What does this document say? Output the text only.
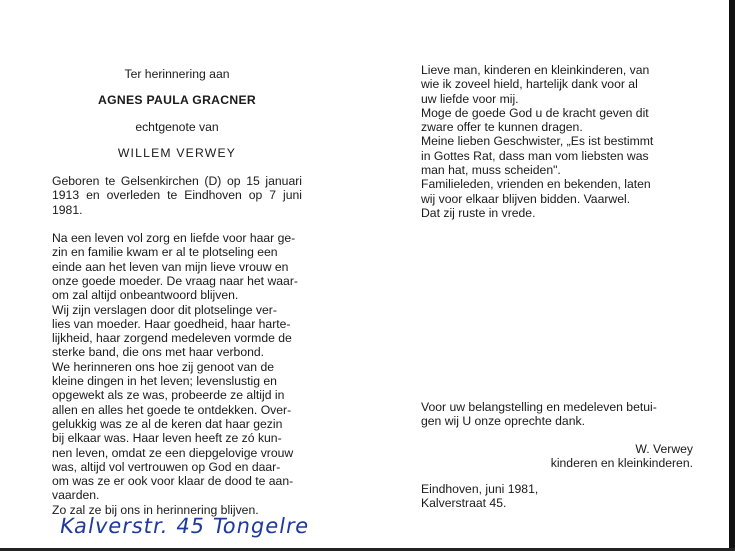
Ter herinnering aan

AGNES PAULA GRACNER

echtgenote van

WILLEM VERWEY

Geboren te Gelsenkirchen (D) op 15 januari 1913 en overleden te Eindhoven op 7 juni 1981.

Na een leven vol zorg en liefde voor haar ge-

zin en familie kwam er al te plotseling een

einde aan het leven van mijn lieve vrouw en

onze goede moeder. De vraag naar het waar-

om zal altijd onbeantwoord blijven.

Wij zijn verslagen door dit plotselinge ver-

lies van moeder. Haar goedheid, haar harte-

lijkheid, haar zorgend medeleven vormde de

sterke band, die ons met haar verbond.

We herinneren ons hoe zij genoot van de

kleine dingen in het leven; levenslustig en

opgewekt als ze was, probeerde ze altijd in

allen en alles het goede te ontdekken. Over-

gelukkig was ze al de keren dat haar gezin

bij elkaar was. Haar leven heeft ze zó kun-

nen leven, omdat ze een diepgelovige vrouw

was, altijd vol vertrouwen op God en daar-

om was ze er ook voor klaar de dood te aan-

vaarden.

Zo zal ze bij ons in herinnering blijven.

Lieve man, kinderen en kleinkinderen, van

wie ik zoveel hield, hartelijk dank voor al

uw liefde voor mij.

Moge de goede God u de kracht geven dit

zware offer te kunnen dragen.

Meine lieben Geschwister, „Es ist bestimmt

in Gottes Rat, dass man vom liebsten was

man hat, muss scheiden".

Familieleden, vrienden en bekenden, laten

wij voor elkaar blijven bidden. Vaarwel.

Dat zij ruste in vrede.

Voor uw belangstelling en medeleven betui-

gen wij U onze oprechte dank.

W. Verwey

kinderen en kleinkinderen.

Eindhoven, juni 1981,

Kalverstraat 45.

Kalverstr. 45 Tongelre
